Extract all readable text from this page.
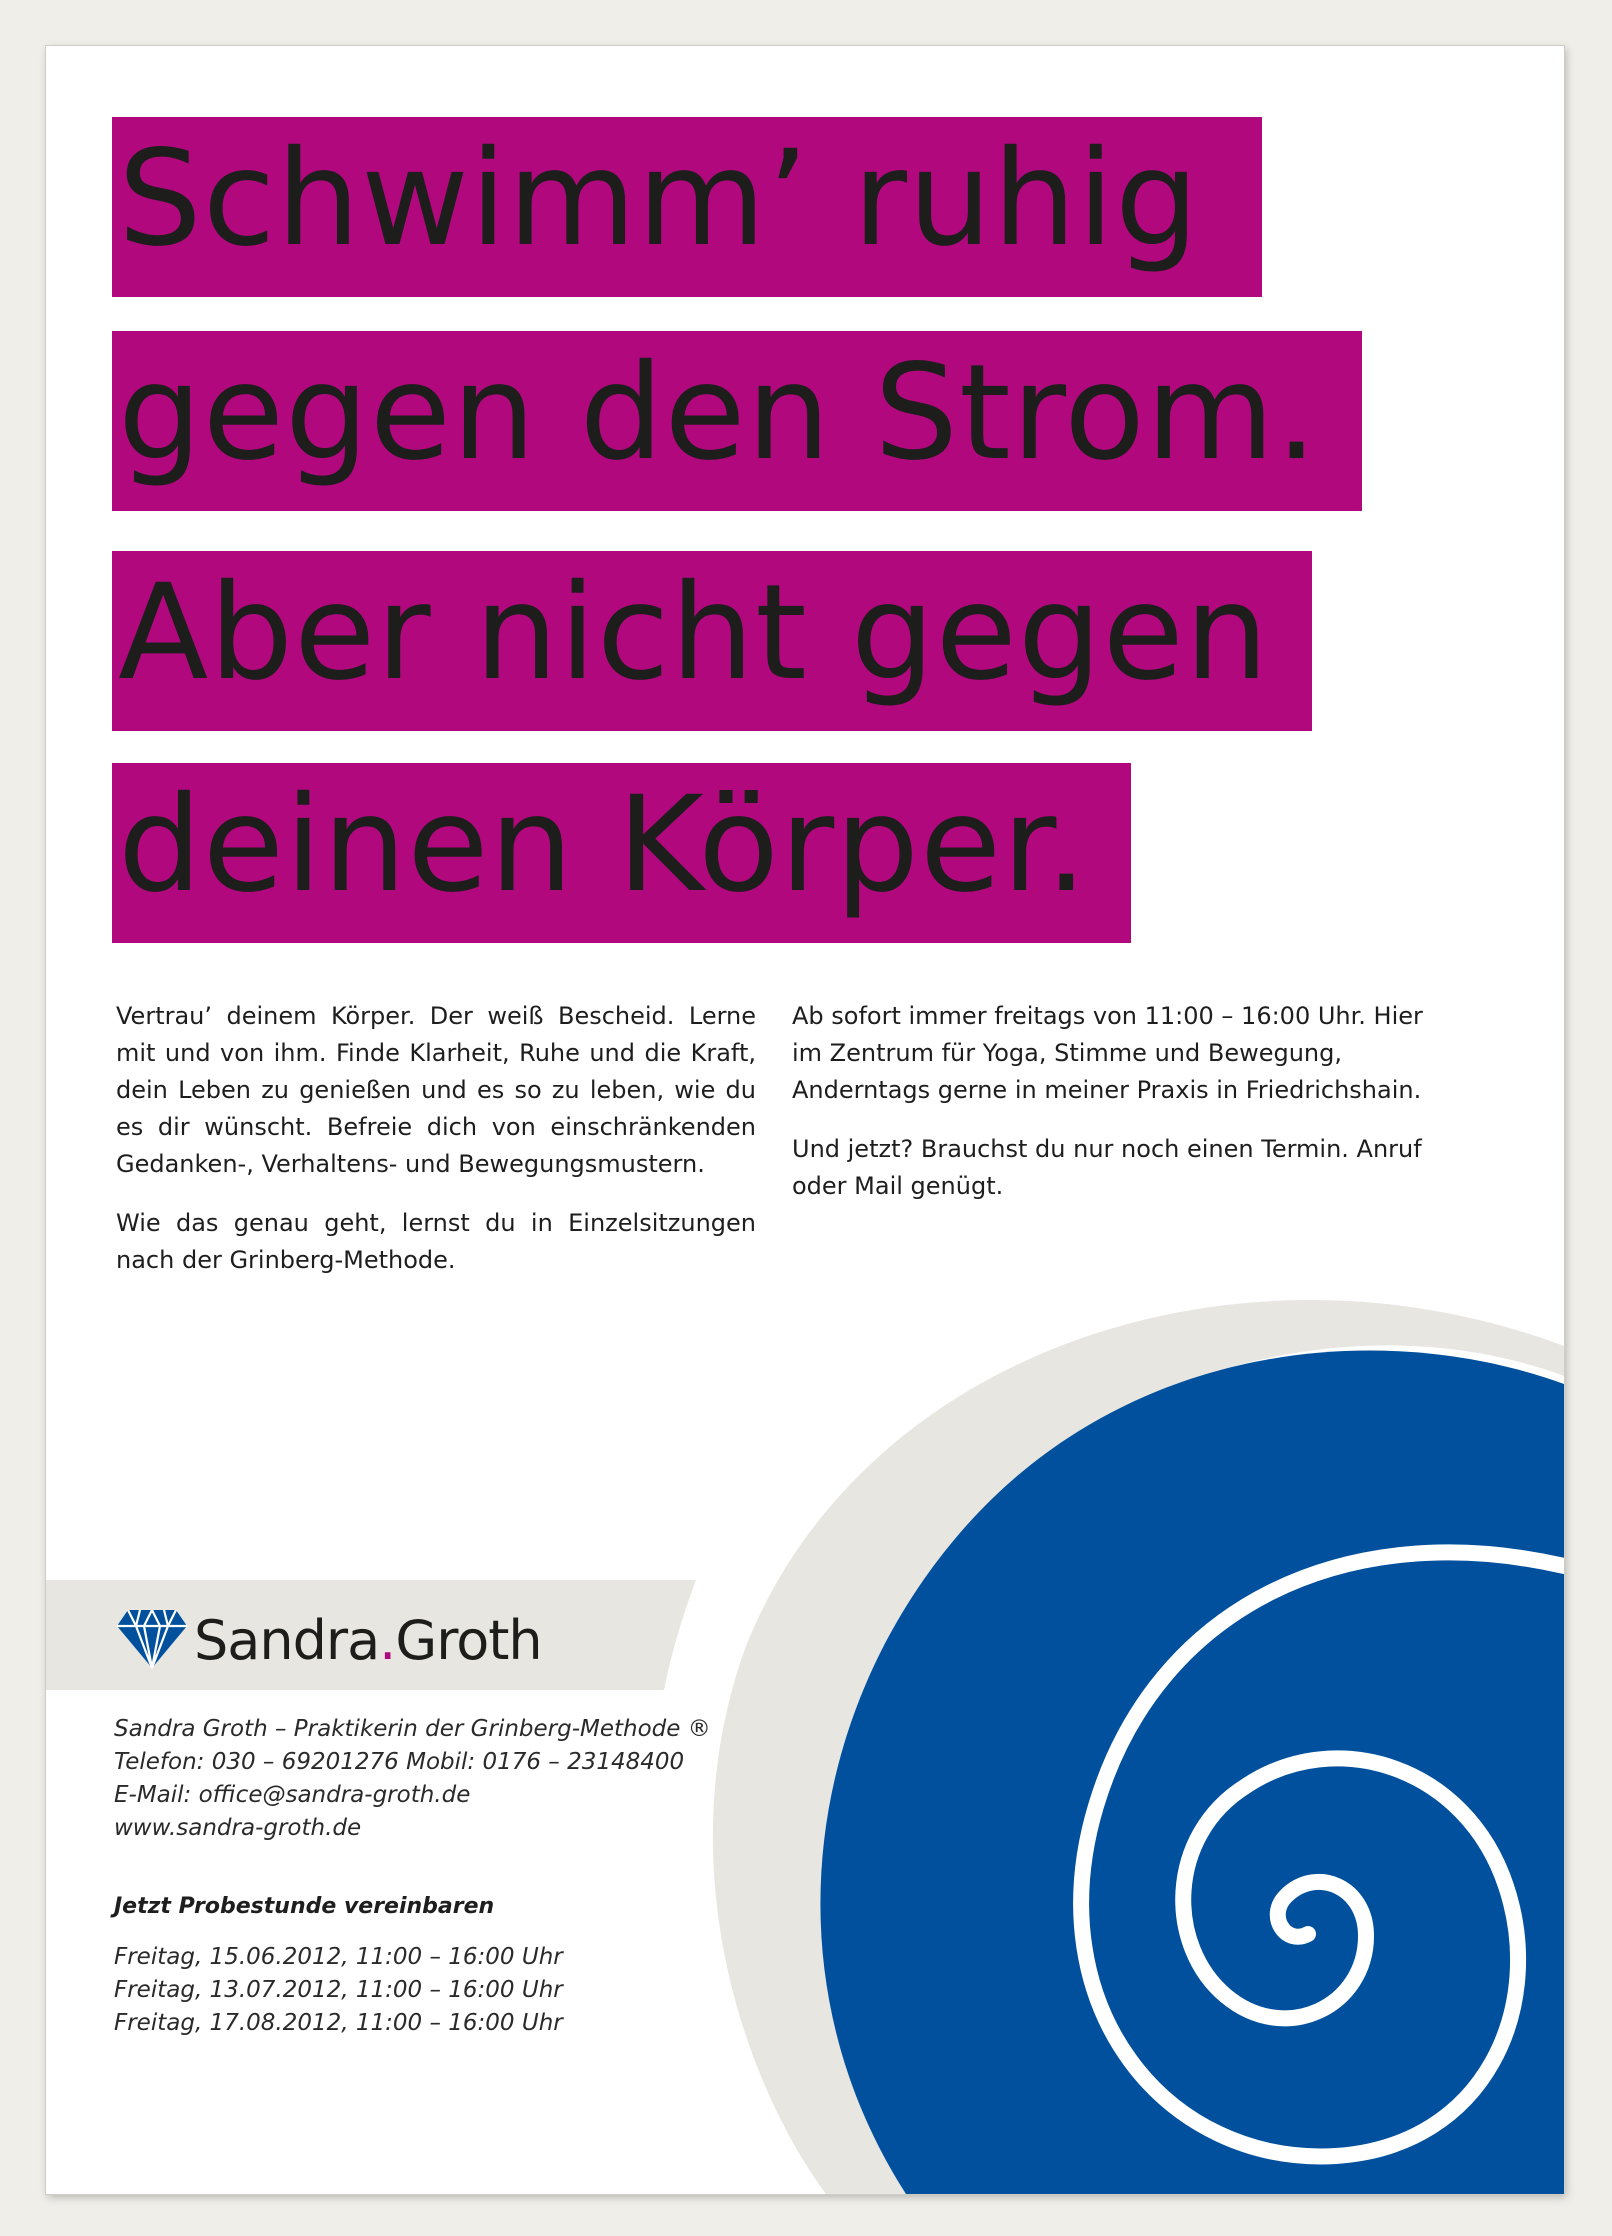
Schwimm’ ruhig
gegen den Strom.
Aber nicht gegen
deinen Körper.

Vertrau’ deinem Körper. Der weiß Bescheid. Lerne mit und von ihm. Finde Klarheit, Ruhe und die Kraft, dein Leben zu genießen und es so zu leben, wie du es dir wünscht. Befreie dich von einschränkenden Gedanken-, Verhaltens- und Bewegungsmustern.

Wie das genau geht, lernst du in Einzelsitzungen nach der Grinberg-Methode.

Ab sofort immer freitags von 11:00 – 16:00 Uhr. Hier im Zentrum für Yoga, Stimme und Bewegung, Anderntags gerne in meiner Praxis in Friedrichshain.

Und jetzt? Brauchst du nur noch einen Termin. Anruf oder Mail genügt.

Sandra.Groth
Sandra Groth – Praktikerin der Grinberg-Methode ®
Telefon: 030 – 69201276 Mobil: 0176 – 23148400
E-Mail: office@sandra-groth.de
www.sandra-groth.de
Jetzt Probestunde vereinbaren
Freitag, 15.06.2012, 11:00 – 16:00 Uhr
Freitag, 13.07.2012, 11:00 – 16:00 Uhr
Freitag, 17.08.2012, 11:00 – 16:00 Uhr
